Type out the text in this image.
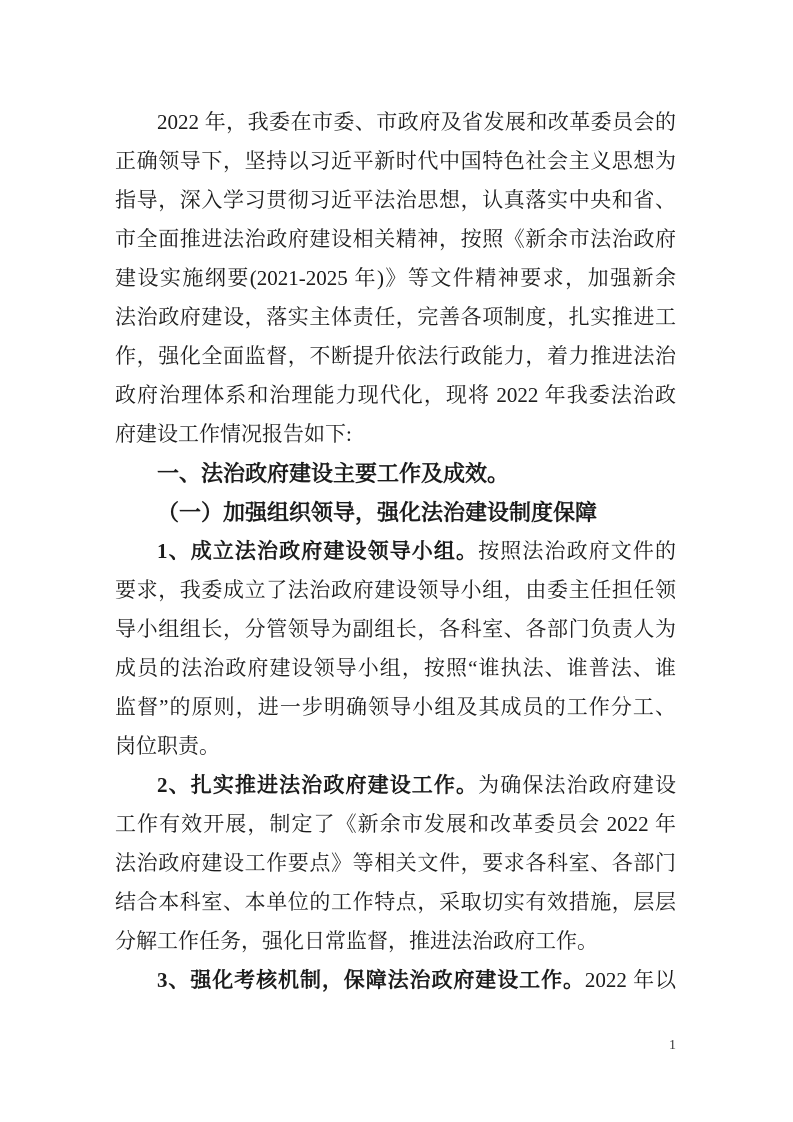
2022 年，我委在市委、市政府及省发展和改革委员会的
正确领导下，坚持以习近平新时代中国特色社会主义思想为
指导，深入学习贯彻习近平法治思想，认真落实中央和省、
市全面推进法治政府建设相关精神，按照《新余市法治政府
建设实施纲要(2021-2025 年)》等文件精神要求，加强新余
法治政府建设，落实主体责任，完善各项制度，扎实推进工
作，强化全面监督，不断提升依法行政能力，着力推进法治
政府治理体系和治理能力现代化，现将 2022 年我委法治政
府建设工作情况报告如下:
一、法治政府建设主要工作及成效。
（一）加强组织领导，强化法治建设制度保障
1、成立法治政府建设领导小组。按照法治政府文件的
要求，我委成立了法治政府建设领导小组，由委主任担任领
导小组组长，分管领导为副组长，各科室、各部门负责人为
成员的法治政府建设领导小组，按照“谁执法、谁普法、谁
监督”的原则，进一步明确领导小组及其成员的工作分工、
岗位职责。
2、扎实推进法治政府建设工作。为确保法治政府建设
工作有效开展，制定了《新余市发展和改革委员会 2022 年
法治政府建设工作要点》等相关文件，要求各科室、各部门
结合本科室、本单位的工作特点，采取切实有效措施，层层
分解工作任务，强化日常监督，推进法治政府工作。
3、强化考核机制，保障法治政府建设工作。2022 年以
1
